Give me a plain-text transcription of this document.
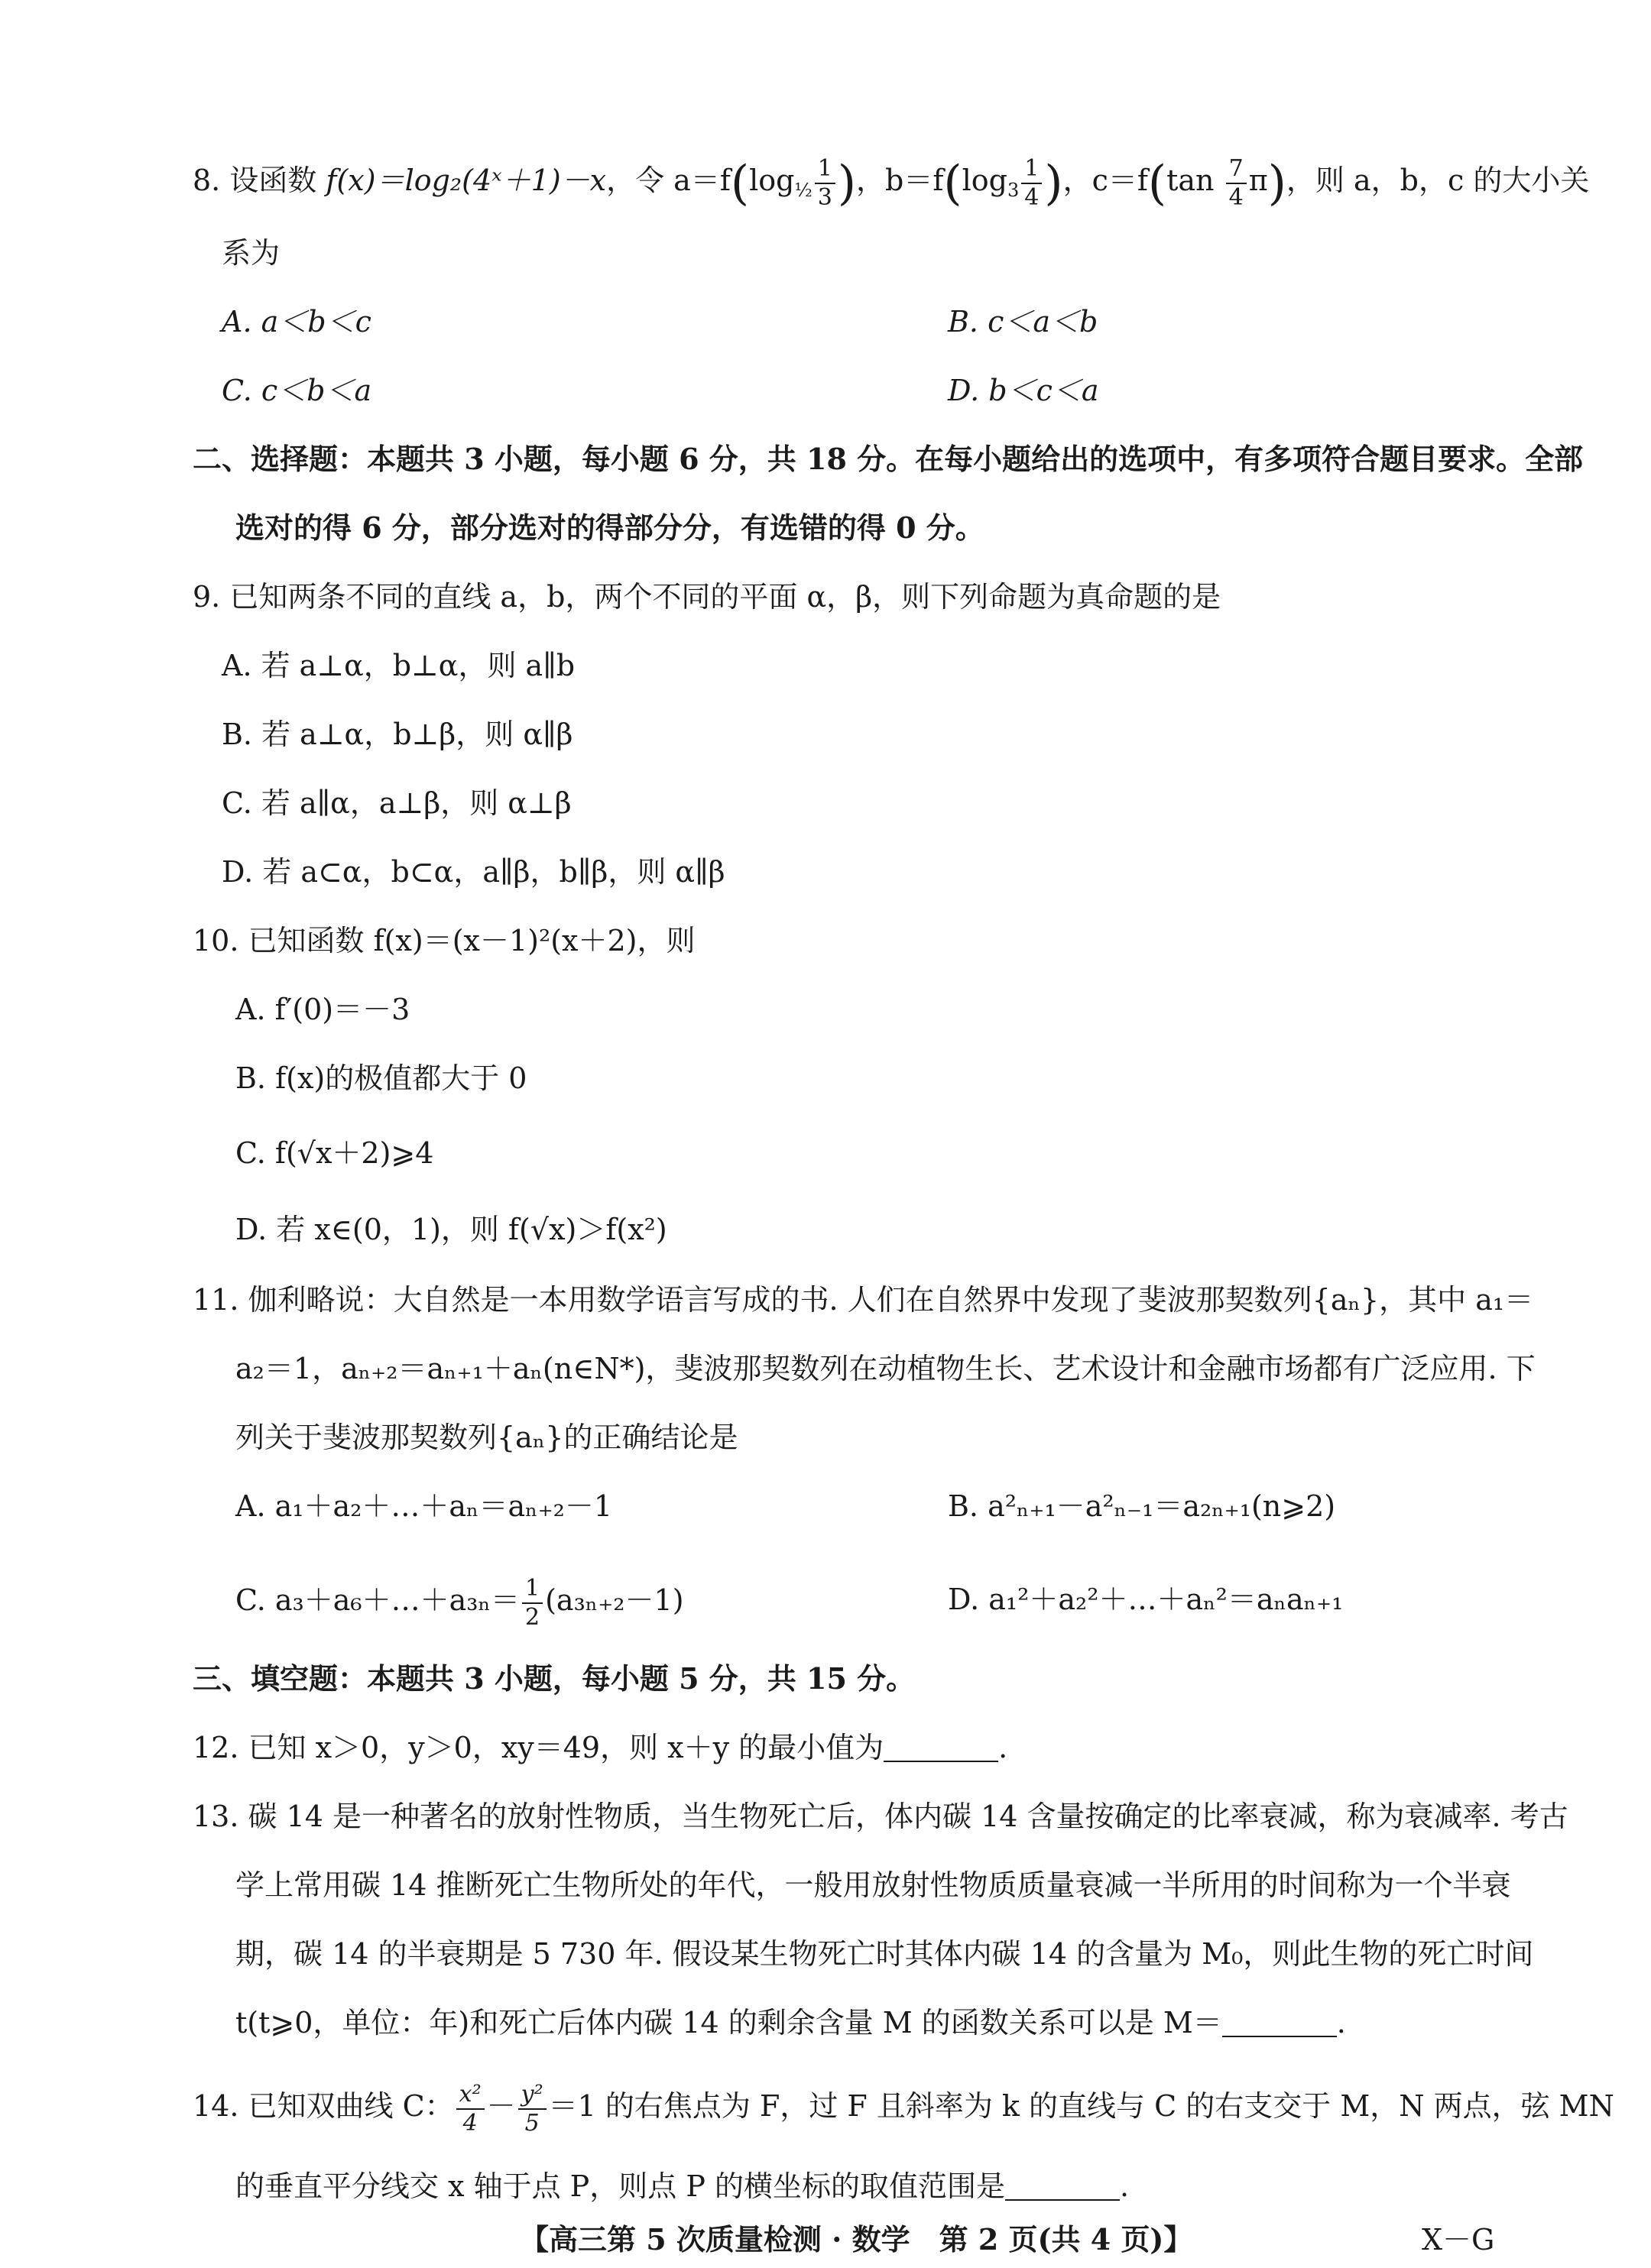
8. 设函数 f(x)＝log₂(4ˣ＋1)－x，令 $a=f(\log_{\frac{1}{2}} \frac{1}{3}$ )，$b=f(\log_3 \frac{1}{4}$ )，$c=f(\tan \frac{7}{4} \pi)$，则 a，b，c 的大小关
系为
A. a＜b＜c	B. c＜a＜b
C. c＜b＜a	D. b＜c＜a
二、选择题：本题共 3 小题，每小题 6 分，共 18 分。在每小题给出的选项中，有多项符合题目要求。全部
选对的得 6 分，部分选对的得部分分，有选错的得 0 分。
9. 已知两条不同的直线 a，b，两个不同的平面 α，β，则下列命题为真命题的是
A. 若 a⊥α，b⊥α，则 a∥b
B. 若 a⊥α，b⊥β，则 α∥β
C. 若 a∥α，a⊥β，则 α⊥β
D. 若 a⊂α，b⊂α，a∥β，b∥β，则 α∥β
10. 已知函数 f(x)＝(x－1)²(x＋2)，则
A. f′(0)＝－3
B. f(x)的极值都大于 0
C. f(√x＋2)⩾4
D. 若 x∈(0，1)，则 f(√x)＞f(x²)
11. 伽利略说：大自然是一本用数学语言写成的书. 人们在自然界中发现了斐波那契数列{aₙ}，其中 a₁＝
a₂＝1，aₙ₊₂＝aₙ₊₁＋aₙ(n∈N*)，斐波那契数列在动植物生长、艺术设计和金融市场都有广泛应用. 下
列关于斐波那契数列{aₙ}的正确结论是
A. a₁＋a₂＋…＋aₙ＝aₙ₊₂－1	B. a²ₙ₊₁－a²ₙ₋₁＝a₂ₙ₊₁(n⩾2)
C. a₃＋a₆＋…＋a₃ₙ＝ $\frac{1}{2} (a_{3n+2}-1)$	D. a₁²＋a₂²＋…＋aₙ²＝aₙaₙ₊₁
三、填空题：本题共 3 小题，每小题 5 分，共 15 分。
12. 已知 x＞0，y＞0，xy＝49，则 x＋y 的最小值为	.
13. 碳 14 是一种著名的放射性物质，当生物死亡后，体内碳 14 含量按确定的比率衰减，称为衰减率. 考古
学上常用碳 14 推断死亡生物所处的年代，一般用放射性物质质量衰减一半所用的时间称为一个半衰
期，碳 14 的半衰期是 5 730 年. 假设某生物死亡时其体内碳 14 的含量为 M₀，则此生物的死亡时间
t(t⩾0，单位：年)和死亡后体内碳 14 的剩余含量 M 的函数关系可以是 M＝	.
14. 已知双曲线 C： $\frac{\text{x²}}{4} - \frac{\text{y²}}{5} =1$ 的右焦点为 F，过 F 且斜率为 k 的直线与 C 的右支交于 M，N 两点，弦 MN
的垂直平分线交 x 轴于点 P，则点 P 的横坐标的取值范围是	.
【高三第 5 次质量检测 · 数学　第 2 页(共 4 页)】	X－G
